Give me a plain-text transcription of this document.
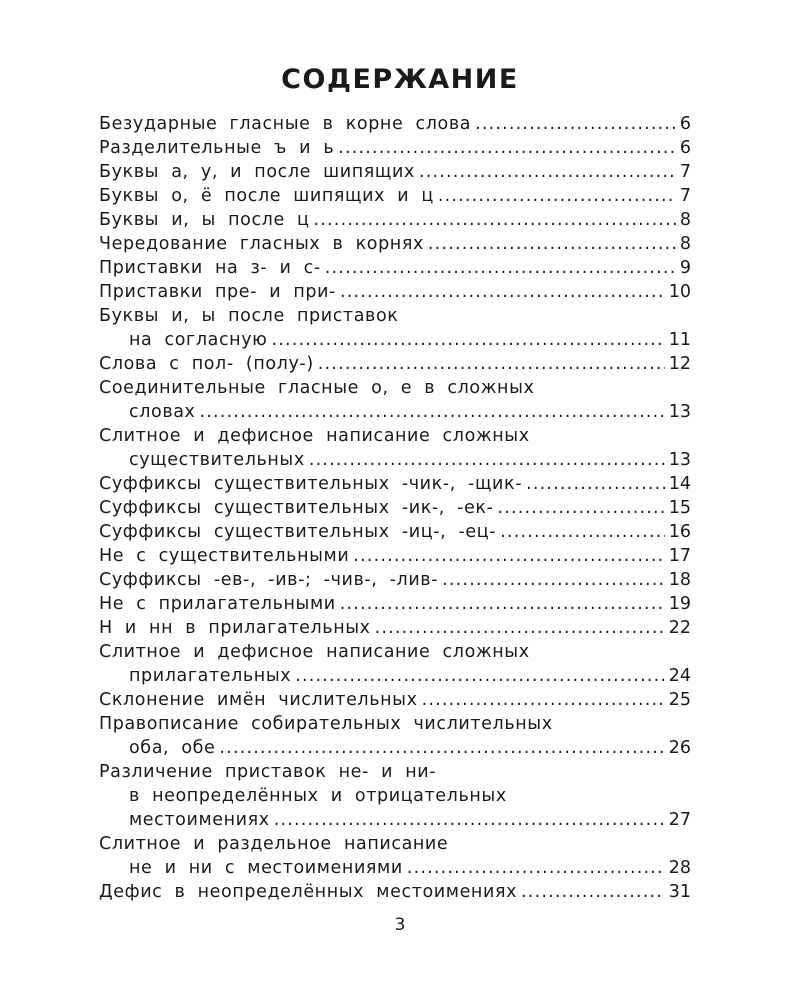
СОДЕРЖАНИЕ
Безударные гласные в корне слова .....	6
Разделительные ъ и ь .....	6
Буквы а, у, и после шипящих .....	7
Буквы о, ё после шипящих и ц .....	7
Буквы и, ы после ц .....	8
Чередование гласных в корнях .....	8
Приставки на з- и с- .....	9
Приставки пре- и при- .....	10
Буквы и, ы после приставок
на согласную .....	11
Слова с пол- (полу-) .....	12
Соединительные гласные о, е в сложных
словах .....	13
Слитное и дефисное написание сложных
существительных .....	13
Суффиксы существительных -чик-, -щик- .....	14
Суффиксы существительных -ик-, -ек- .....	15
Суффиксы существительных -иц-, -ец- .....	16
Не с существительными .....	17
Суффиксы -ев-, -ив-; -чив-, -лив- .....	18
Не с прилагательными .....	19
Н и нн в прилагательных .....	22
Слитное и дефисное написание сложных
прилагательных .....	24
Склонение имён числительных .....	25
Правописание собирательных числительных
оба, обе .....	26
Различение приставок не- и ни-
в неопределённых и отрицательных
местоимениях .....	27
Слитное и раздельное написание
не и ни с местоимениями .....	28
Дефис в неопределённых местоимениях .....	31
3
